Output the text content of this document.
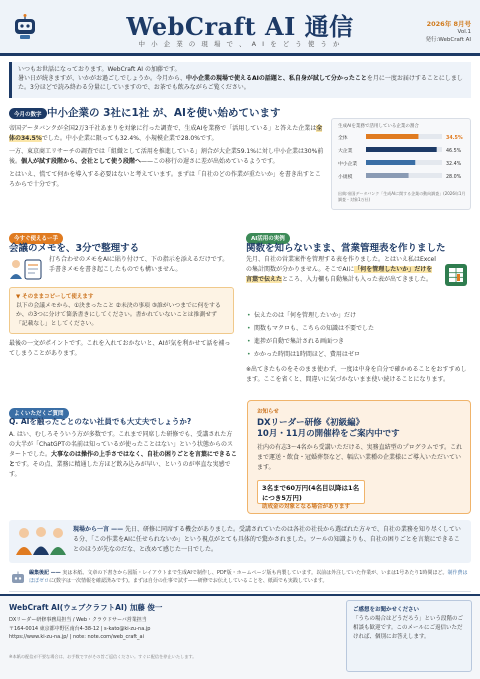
WebCraft AI 通信
中 小 企 業 の 現 場 で 、 A I を ど う 使 う か
2026年 8月号
Vol.1
発行:WebCraft AI
いつもお世話になっております。WebCraft AI の加藤です。
暑い日が続きますが、いかがお過ごしでしょうか。今月から、中小企業の現場で使えるAIの話題と、私自身が試して分かったことを月に一度お届けすることにしました。3分ほどで読み終わる分量にしていますので、お茶でも飲みながらご覧ください。
今月の数字 中小企業の 3社に1社 が、AIを使い始めています

帝国データバンクが全国2万3千社あまりを対象に行った調査で、生成AIを業務で「活用している」と答えた企業は全体の34.5%でした。中小企業に限っても32.4%、小規模企業で28.0%です。

一方、東京商工リサーチの調査では「組織として活用を推進している」割合が大企業59.1%に対し中小企業は30%前後。個人が試す段階から、会社として使う段階へ——この移行の遅さに差が出始めているようです。

とはいえ、慌てて何かを導入する必要はないと考えています。まずは「自社のどの作業が重たいか」を書き出すところからで十分です。

生成AIを業務で活用している企業の割合
全体	34.5%
大企業	46.5%
中小企業	32.4%
小規模	28.0%
出典:帝国データバンク「生成AIに関する企業の動向調査」(2026年1月調査・対象1万社)
今すぐ使えるー手
会議のメモを、3分で整理する
打ち合わせのメモをAIに貼り付けて、下の指示を添えるだけです。手書きメモを書き起こしたものでも構いません。
▼ そのままコピーして使えます
以下の会議メモから、①決まったこと ②未決の事項 ③誰がいつまでに何をするか、の3つに分けて箇条書きにしてください。書かれていないことは推測せず「記載なし」としてください。
最後の一文がポイントです。これを入れておかないと、AIが気を利かせて話を補ってしまうことがあります。
AI活用の実例
関数を知らないまま、営業管理表を作りました
先月、自社の営業案件を管理する表を作りました。とはいえ私はExcelの集計関数が分かりません。そこでAIに「何を管理したいか」だけを言葉で伝えたところ、入力欄も自動集計も入った表が出てきました。
• 伝えたのは「何を管理したいか」だけ
• 関数もマクロも、こちらの知識は不要でした
• 進捗が自動で集計される画面つき
• かかった時間は1時間ほど、費用はゼロ
※出てきたものをそのまま使わず、一度は中身を自分で確かめることをおすすめします。ここを省くと、間違いに気づかないまま使い続けることになります。
よくいただくご質問
Q. AIを触ったことのない社員でも大丈夫でしょうか?
A. はい、むしろそういう方が多数です。これまで同席した研修でも、受講された方の大半が「ChatGPTの名前は知っているが使ったことはない」という状態からのスタートでした。大事なのは操作の上手さではなく、自社の困りごとを言葉にできることです。その点、業務に精通した方ほど飲み込みが早い、というのが率直な実感です。
お知らせ
DXリーダー研修《初級編》
10月・11月の開催枠をご案内中です
社内の有志3〜4名から受講いただける、実務直結型のプログラムです。これまで運送・飲食・冠婚葬祭など、幅広い業種の企業様にご導入いただいています。
3名まで60万円(4名目以降は1名につき5万円)
助成金の対象となる場合があります
現場から一言 —— 先日、研修に同席する機会がありました。受講されていたのは各社の社長から選ばれた方々で、自社の業務を知り尽くしている分、「この作業をAIに任せられないか」という視点がとても具体的で驚かされました。ツールの知識よりも、自社の困りごとを言葉にできることのほうが先なのだな、と改めて感じた一日でした。
編集後記 —— 実は本紙、文章の下書きから図版・レイアウトまで生成AIで制作し、PDF版・ホームページ版も内製しています。以前は外注していた作業が、いまは1号あたり1時間ほど。制作費はほぼゼロに(数字は一次情報を確認済みです)。まずは自分の仕事で試す——研修でお伝えしていることを、紙面でも実践しています。
WebCraft AI(ウェブクラフトAI) 加藤 俊一
DXリーダー研修事務局担当 / Web・クラウドサーバ営業担当
〒164-0014 東京都中野区南台4-38-12 | s-kato@ki-zu-na.jp
https://www.ki-zu-na.jp/ | note: note.com/web_craft_ai
※本紙の配信が不要な場合は、お手数ですがその旨ご返信ください。すぐに配信を停止いたします。
ご感想をお聞かせください
「うちの場合はどうだろう」という段階のご相談も歓迎です。このメールにご返信いただければ、個別にお答えします。
